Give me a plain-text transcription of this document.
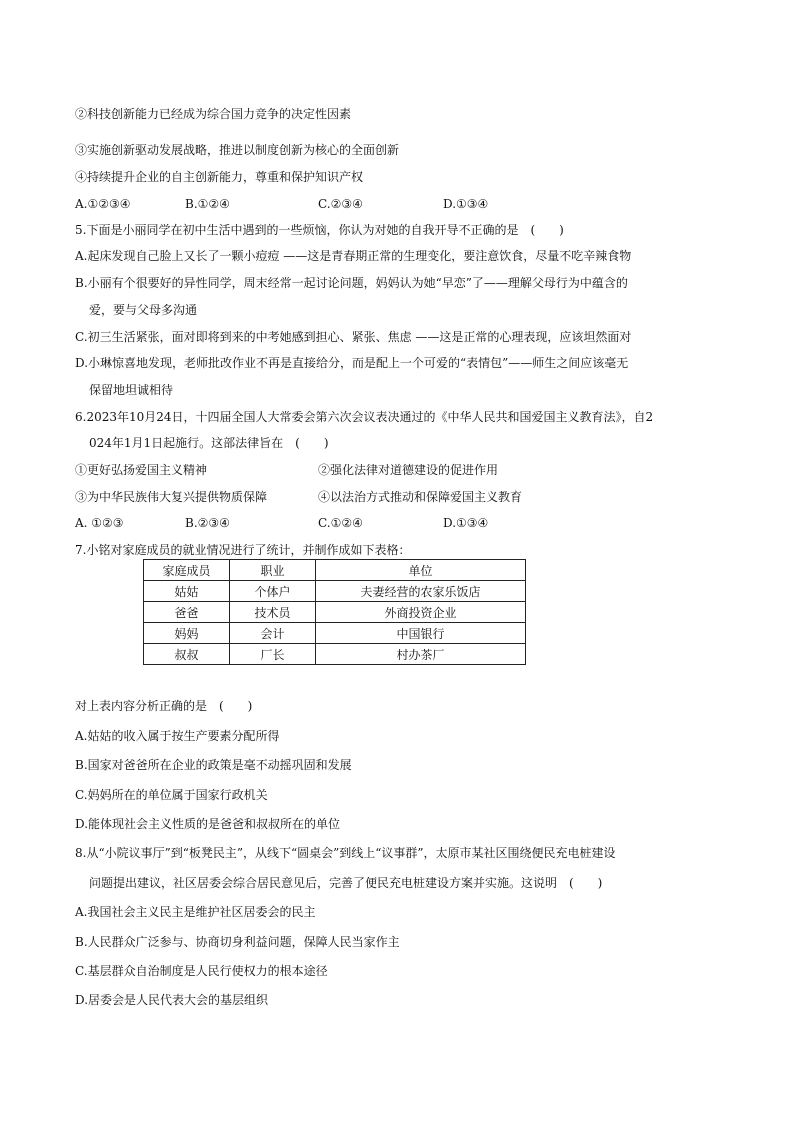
②科技创新能力已经成为综合国力竞争的决定性因素
③实施创新驱动发展战略，推进以制度创新为核心的全面创新
④持续提升企业的自主创新能力，尊重和保护知识产权
A.①②③④	B.①②④	C.②③④	D.①③④
5.下面是小丽同学在初中生活中遇到的一些烦恼，你认为对她的自我开导不正确的是　(　　)
A.起床发现自己脸上又长了一颗小痘痘 ——这是青春期正常的生理变化，要注意饮食，尽量不吃辛辣食物
B.小丽有个很要好的异性同学，周末经常一起讨论问题，妈妈认为她“早恋”了——理解父母行为中蕴含的
爱，要与父母多沟通
C.初三生活紧张，面对即将到来的中考她感到担心、紧张、焦虑 ——这是正常的心理表现，应该坦然面对
D.小琳惊喜地发现，老师批改作业不再是直接给分，而是配上一个可爱的“表情包”——师生之间应该毫无
保留地坦诚相待
6.2023年10月24日，十四届全国人大常委会第六次会议表决通过的《中华人民共和国爱国主义教育法》，自2
024年1月1日起施行。这部法律旨在　(　　)
①更好弘扬爱国主义精神	②强化法律对道德建设的促进作用
③为中华民族伟大复兴提供物质保障	④以法治方式推动和保障爱国主义教育
A. ①②③	B.②③④	C.①②④	D.①③④
7.小铭对家庭成员的就业情况进行了统计，并制作成如下表格：
家庭成员	职业	单位
姑姑	个体户	夫妻经营的农家乐饭店
爸爸	技术员	外商投资企业
妈妈	会计	中国银行
叔叔	厂长	村办茶厂
对上表内容分析正确的是　(　　)
A.姑姑的收入属于按生产要素分配所得
B.国家对爸爸所在企业的政策是毫不动摇巩固和发展
C.妈妈所在的单位属于国家行政机关
D.能体现社会主义性质的是爸爸和叔叔所在的单位
8.从“小院议事厅”到“板凳民主”，从线下“圆桌会”到线上“议事群”，太原市某社区围绕便民充电桩建设
问题提出建议，社区居委会综合居民意见后，完善了便民充电桩建设方案并实施。这说明　(　　)
A.我国社会主义民主是维护社区居委会的民主
B.人民群众广泛参与、协商切身利益问题，保障人民当家作主
C.基层群众自治制度是人民行使权力的根本途径
D.居委会是人民代表大会的基层组织
